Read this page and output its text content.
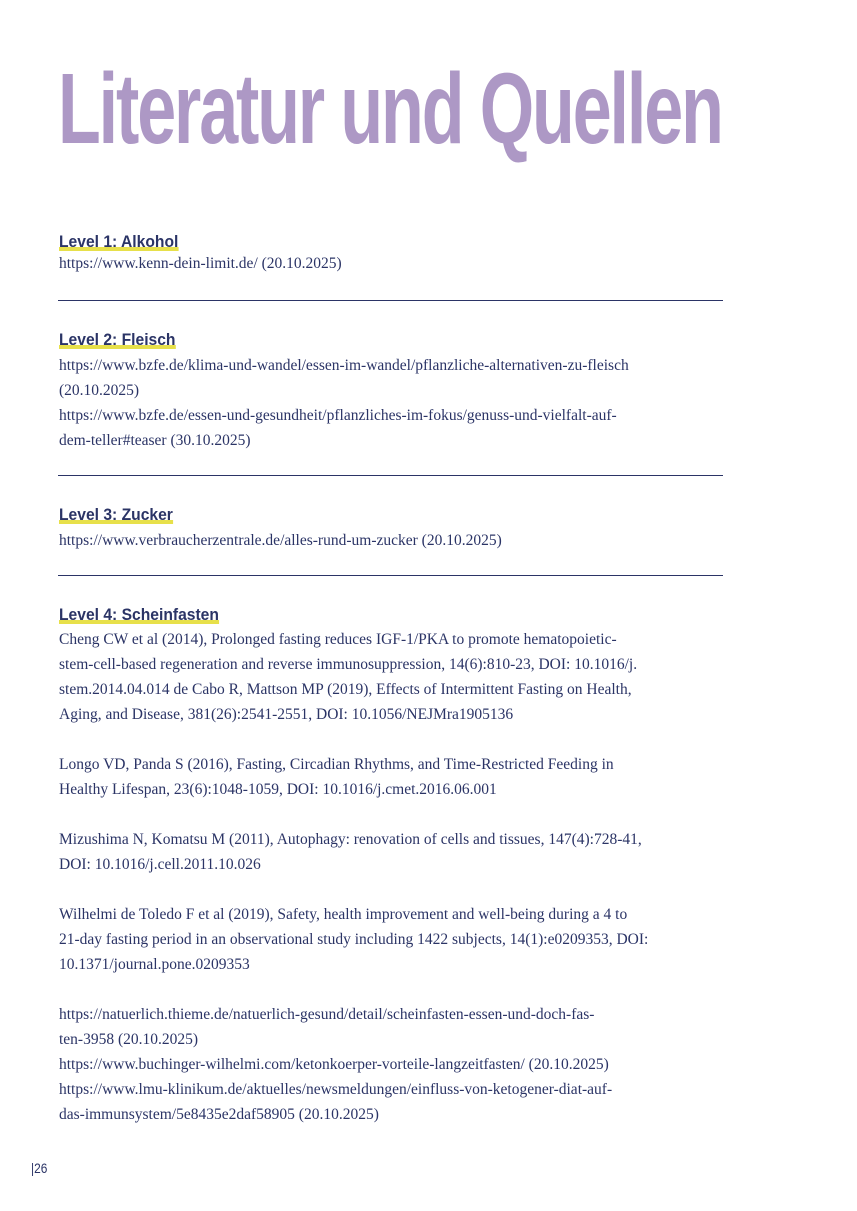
Literatur und Quellen
Level 1: Alkohol
https://www.kenn-dein-limit.de/ (20.10.2025)
Level 2: Fleisch
https://www.bzfe.de/klima-und-wandel/essen-im-wandel/pflanzliche-alternativen-zu-fleisch
(20.10.2025)
https://www.bzfe.de/essen-und-gesundheit/pflanzliches-im-fokus/genuss-und-vielfalt-auf-
dem-teller#teaser (30.10.2025)
Level 3: Zucker
https://www.verbraucherzentrale.de/alles-rund-um-zucker (20.10.2025)
Level 4: Scheinfasten
Cheng CW et al (2014), Prolonged fasting reduces IGF-1/PKA to promote hematopoietic-
stem-cell-based regeneration and reverse immunosuppression, 14(6):810-23, DOI: 10.1016/j.
stem.2014.04.014 de Cabo R, Mattson MP (2019), Effects of Intermittent Fasting on Health,
Aging, and Disease, 381(26):2541-2551, DOI: 10.1056/NEJMra1905136

Longo VD, Panda S (2016), Fasting, Circadian Rhythms, and Time-Restricted Feeding in
Healthy Lifespan, 23(6):1048-1059, DOI: 10.1016/j.cmet.2016.06.001

Mizushima N, Komatsu M (2011), Autophagy: renovation of cells and tissues, 147(4):728-41,
DOI: 10.1016/j.cell.2011.10.026

Wilhelmi de Toledo F et al (2019), Safety, health improvement and well-being during a 4 to
21-day fasting period in an observational study including 1422 subjects, 14(1):e0209353, DOI:
10.1371/journal.pone.0209353

https://natuerlich.thieme.de/natuerlich-gesund/detail/scheinfasten-essen-und-doch-fas-
ten-3958 (20.10.2025)
https://www.buchinger-wilhelmi.com/ketonkoerper-vorteile-langzeitfasten/ (20.10.2025)
https://www.lmu-klinikum.de/aktuelles/newsmeldungen/einfluss-von-ketogener-diat-auf-
das-immunsystem/5e8435e2daf58905 (20.10.2025)
|26
